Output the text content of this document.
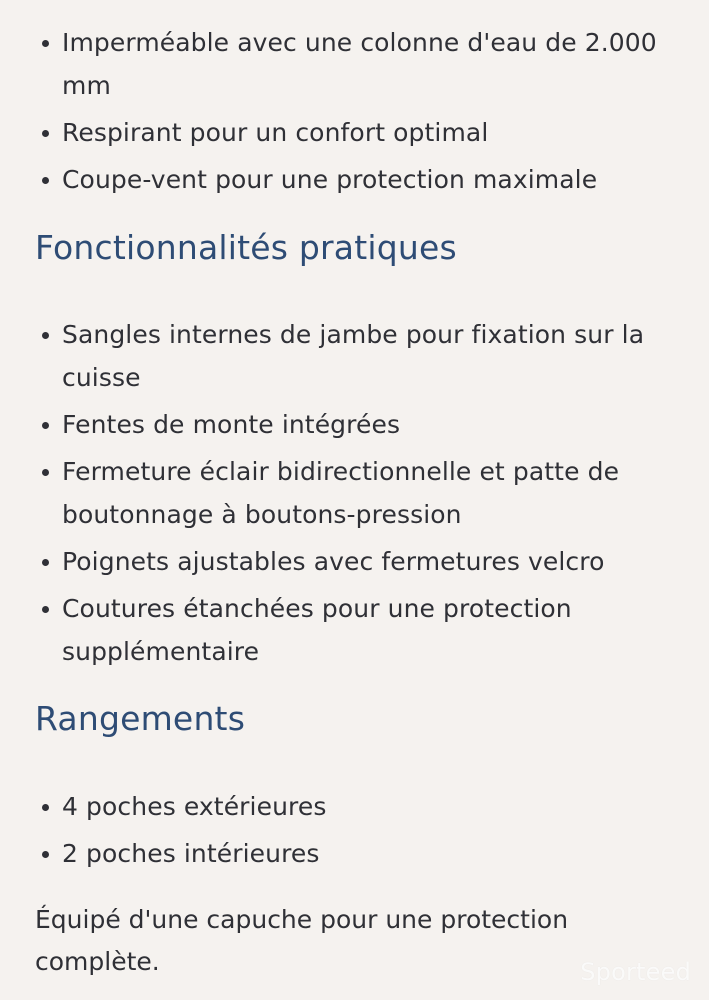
Imperméable avec une colonne d'eau de 2.000 mm
Respirant pour un confort optimal
Coupe-vent pour une protection maximale
Fonctionnalités pratiques
Sangles internes de jambe pour fixation sur la cuisse
Fentes de monte intégrées
Fermeture éclair bidirectionnelle et patte de boutonnage à boutons-pression
Poignets ajustables avec fermetures velcro
Coutures étanchées pour une protection supplémentaire
Rangements
4 poches extérieures
2 poches intérieures

Équipé d'une capuche pour une protection complète.	Sporteed
